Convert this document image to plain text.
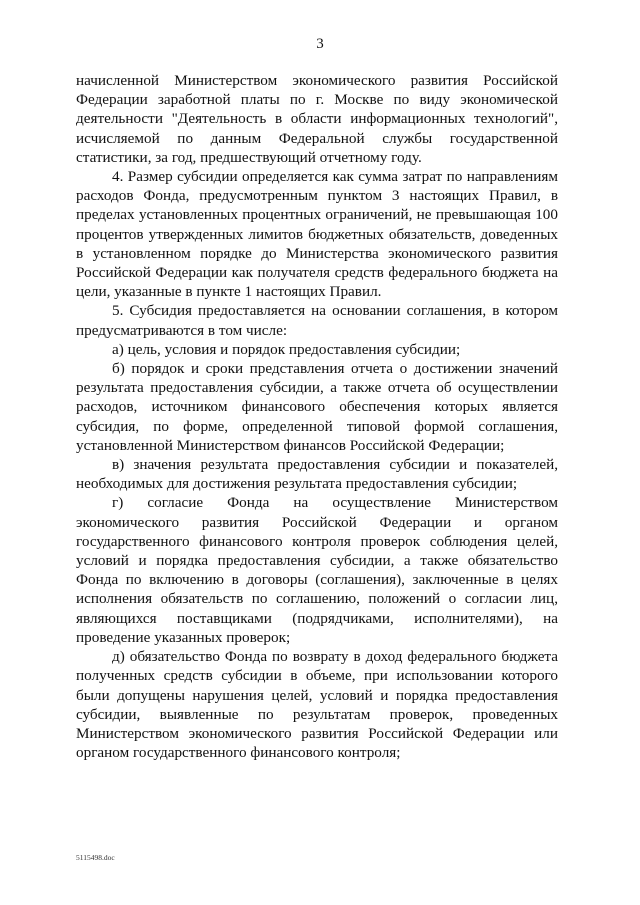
3

начисленной Министерством экономического развития Российской Федерации заработной платы по г. Москве по виду экономической деятельности "Деятельность в области информационных технологий", исчисляемой по данным Федеральной службы государственной статистики, за год, предшествующий отчетному году.

4. Размер субсидии определяется как сумма затрат по направлениям расходов Фонда, предусмотренным пунктом 3 настоящих Правил, в пределах установленных процентных ограничений, не превышающая 100 процентов утвержденных лимитов бюджетных обязательств, доведенных в установленном порядке до Министерства экономического развития Российской Федерации как получателя средств федерального бюджета на цели, указанные в пункте 1 настоящих Правил.

5. Субсидия предоставляется на основании соглашения, в котором предусматриваются в том числе:

а) цель, условия и порядок предоставления субсидии;

б) порядок и сроки представления отчета о достижении значений результата предоставления субсидии, а также отчета об осуществлении расходов, источником финансового обеспечения которых является субсидия, по форме, определенной типовой формой соглашения, установленной Министерством финансов Российской Федерации;

в) значения результата предоставления субсидии и показателей, необходимых для достижения результата предоставления субсидии;

г) согласие Фонда на осуществление Министерством экономического развития Российской Федерации и органом государственного финансового контроля проверок соблюдения целей, условий и порядка предоставления субсидии, а также обязательство Фонда по включению в договоры (соглашения), заключенные в целях исполнения обязательств по соглашению, положений о согласии лиц, являющихся поставщиками (подрядчиками, исполнителями), на проведение указанных проверок;

д) обязательство Фонда по возврату в доход федерального бюджета полученных средств субсидии в объеме, при использовании которого были допущены нарушения целей, условий и порядка предоставления субсидии, выявленные по результатам проверок, проведенных Министерством экономического развития Российской Федерации или органом государственного финансового контроля;

5115498.doc
